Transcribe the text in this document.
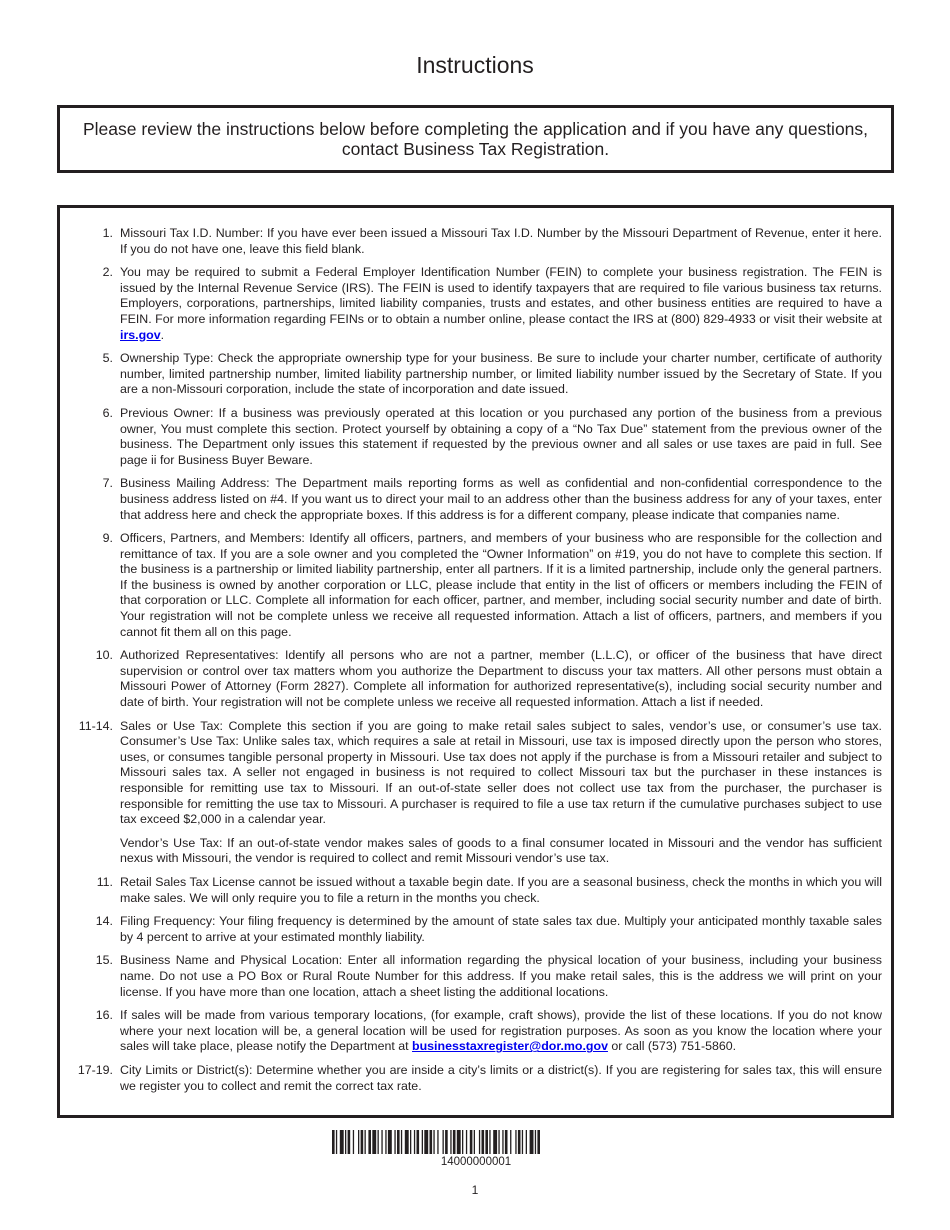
Instructions
Please review the instructions below before completing the application and if you have any questions, contact Business Tax Registration.
1. Missouri Tax I.D. Number: If you have ever been issued a Missouri Tax I.D. Number by the Missouri Department of Revenue, enter it here. If you do not have one, leave this field blank.
2. You may be required to submit a Federal Employer Identification Number (FEIN) to complete your business registration. The FEIN is issued by the Internal Revenue Service (IRS). The FEIN is used to identify taxpayers that are required to file various business tax returns. Employers, corporations, partnerships, limited liability companies, trusts and estates, and other business entities are required to have a FEIN. For more information regarding FEINs or to obtain a number online, please contact the IRS at (800) 829-4933 or visit their website at irs.gov.
5. Ownership Type: Check the appropriate ownership type for your business. Be sure to include your charter number, certificate of authority number, limited partnership number, limited liability partnership number, or limited liability number issued by the Secretary of State. If you are a non-Missouri corporation, include the state of incorporation and date issued.
6. Previous Owner: If a business was previously operated at this location or you purchased any portion of the business from a previous owner, You must complete this section. Protect yourself by obtaining a copy of a “No Tax Due” statement from the previous owner of the business. The Department only issues this statement if requested by the previous owner and all sales or use taxes are paid in full. See page ii for Business Buyer Beware.
7. Business Mailing Address: The Department mails reporting forms as well as confidential and non-confidential correspondence to the business address listed on #4. If you want us to direct your mail to an address other than the business address for any of your taxes, enter that address here and check the appropriate boxes. If this address is for a different company, please indicate that companies name.
9. Officers, Partners, and Members: Identify all officers, partners, and members of your business who are responsible for the collection and remittance of tax. If you are a sole owner and you completed the “Owner Information” on #19, you do not have to complete this section. If the business is a partnership or limited liability partnership, enter all partners. If it is a limited partnership, include only the general partners. If the business is owned by another corporation or LLC, please include that entity in the list of officers or members including the FEIN of that corporation or LLC. Complete all information for each officer, partner, and member, including social security number and date of birth. Your registration will not be complete unless we receive all requested information. Attach a list of officers, partners, and members if you cannot fit them all on this page.
10. Authorized Representatives: Identify all persons who are not a partner, member (L.L.C), or officer of the business that have direct supervision or control over tax matters whom you authorize the Department to discuss your tax matters. All other persons must obtain a Missouri Power of Attorney (Form 2827). Complete all information for authorized representative(s), including social security number and date of birth. Your registration will not be complete unless we receive all requested information. Attach a list if needed.
11-14. Sales or Use Tax: Complete this section if you are going to make retail sales subject to sales, vendor’s use, or consumer’s use tax. Consumer’s Use Tax: Unlike sales tax, which requires a sale at retail in Missouri, use tax is imposed directly upon the person who stores, uses, or consumes tangible personal property in Missouri. Use tax does not apply if the purchase is from a Missouri retailer and subject to Missouri sales tax. A seller not engaged in business is not required to collect Missouri tax but the purchaser in these instances is responsible for remitting use tax to Missouri. If an out-of-state seller does not collect use tax from the purchaser, the purchaser is responsible for remitting the use tax to Missouri. A purchaser is required to file a use tax return if the cumulative purchases subject to use tax exceed $2,000 in a calendar year.
Vendor’s Use Tax: If an out-of-state vendor makes sales of goods to a final consumer located in Missouri and the vendor has sufficient nexus with Missouri, the vendor is required to collect and remit Missouri vendor’s use tax.
11. Retail Sales Tax License cannot be issued without a taxable begin date. If you are a seasonal business, check the months in which you will make sales. We will only require you to file a return in the months you check.
14. Filing Frequency: Your filing frequency is determined by the amount of state sales tax due. Multiply your anticipated monthly taxable sales by 4 percent to arrive at your estimated monthly liability.
15. Business Name and Physical Location: Enter all information regarding the physical location of your business, including your business name. Do not use a PO Box or Rural Route Number for this address. If you make retail sales, this is the address we will print on your license. If you have more than one location, attach a sheet listing the additional locations.
16. If sales will be made from various temporary locations, (for example, craft shows), provide the list of these locations. If you do not know where your next location will be, a general location will be used for registration purposes. As soon as you know the location where your sales will take place, please notify the Department at businesstaxregister@dor.mo.gov or call (573) 751-5860.
17-19. City Limits or District(s): Determine whether you are inside a city’s limits or a district(s). If you are registering for sales tax, this will ensure we register you to collect and remit the correct tax rate.
14000000001
1
